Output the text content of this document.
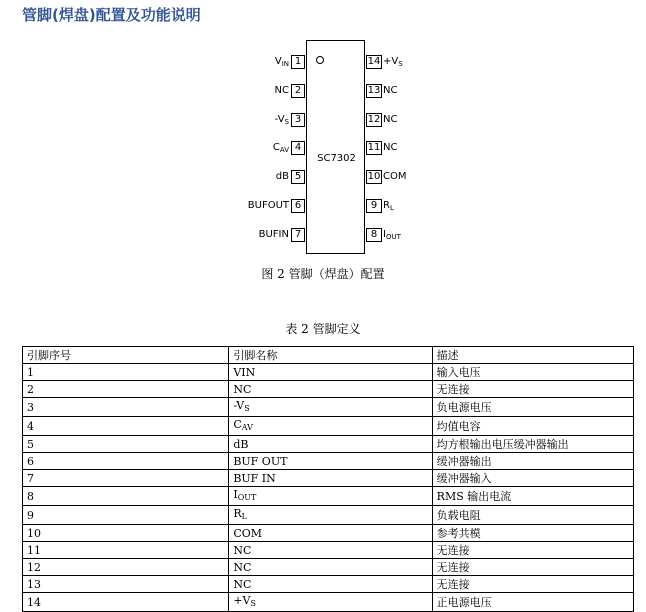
管脚(焊盘)配置及功能说明
SC7302
1
$V_{IN}$
2
NC
3
$-V_S$
4
$C_{AV}$
5
dB
6
BUFOUT
7
BUFIN
$14 +V_S$
13 NC
12 NC
11 NC
10 COM
9 $R_L$
8 $I_{OUT}$
图 2 管脚（焊盘）配置
表 2 管脚定义
引脚序号	引脚名称	描述
1	VIN	输入电压
2	NC	无连接
3	$-V_S$	负电源电压
4	$C_{AV}$	均值电容
5	dB	均方根输出电压缓冲器输出
6	BUF OUT	缓冲器输出
7	BUF IN	缓冲器输入
8	$I_{OUT}$	RMS 输出电流
9	$R_L$	负载电阻
10	COM	参考共模
11	NC	无连接
12	NC	无连接
13	NC	无连接
14	$+V_S$	正电源电压
